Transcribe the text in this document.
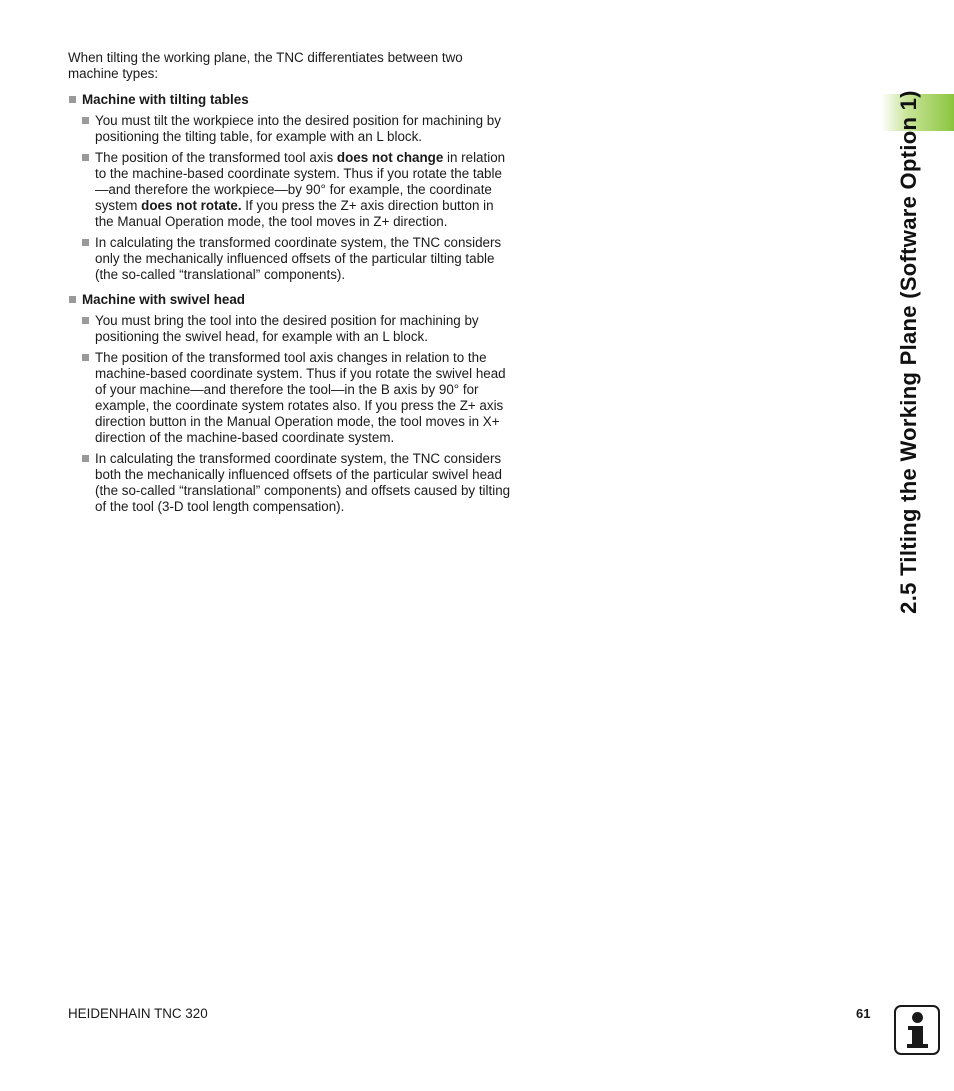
2.5 Tilting the Working Plane (Software Option 1)

When tilting the working plane, the TNC differentiates between two machine types:

Machine with tilting tables
You must tilt the workpiece into the desired position for machining by positioning the tilting table, for example with an L block.
The position of the transformed tool axis does not change in relation to the machine-based coordinate system. Thus if you rotate the table—and therefore the workpiece—by 90° for example, the coordinate system does not rotate. If you press the Z+ axis direction button in the Manual Operation mode, the tool moves in Z+ direction.
In calculating the transformed coordinate system, the TNC considers only the mechanically influenced offsets of the particular tilting table (the so-called “translational” components).
Machine with swivel head
You must bring the tool into the desired position for machining by positioning the swivel head, for example with an L block.
The position of the transformed tool axis changes in relation to the machine-based coordinate system. Thus if you rotate the swivel head of your machine—and therefore the tool—in the B axis by 90° for example, the coordinate system rotates also. If you press the Z+ axis direction button in the Manual Operation mode, the tool moves in X+ direction of the machine-based coordinate system.
In calculating the transformed coordinate system, the TNC considers both the mechanically influenced offsets of the particular swivel head (the so-called “translational” components) and offsets caused by tilting of the tool (3-D tool length compensation).
HEIDENHAIN TNC 320	61
